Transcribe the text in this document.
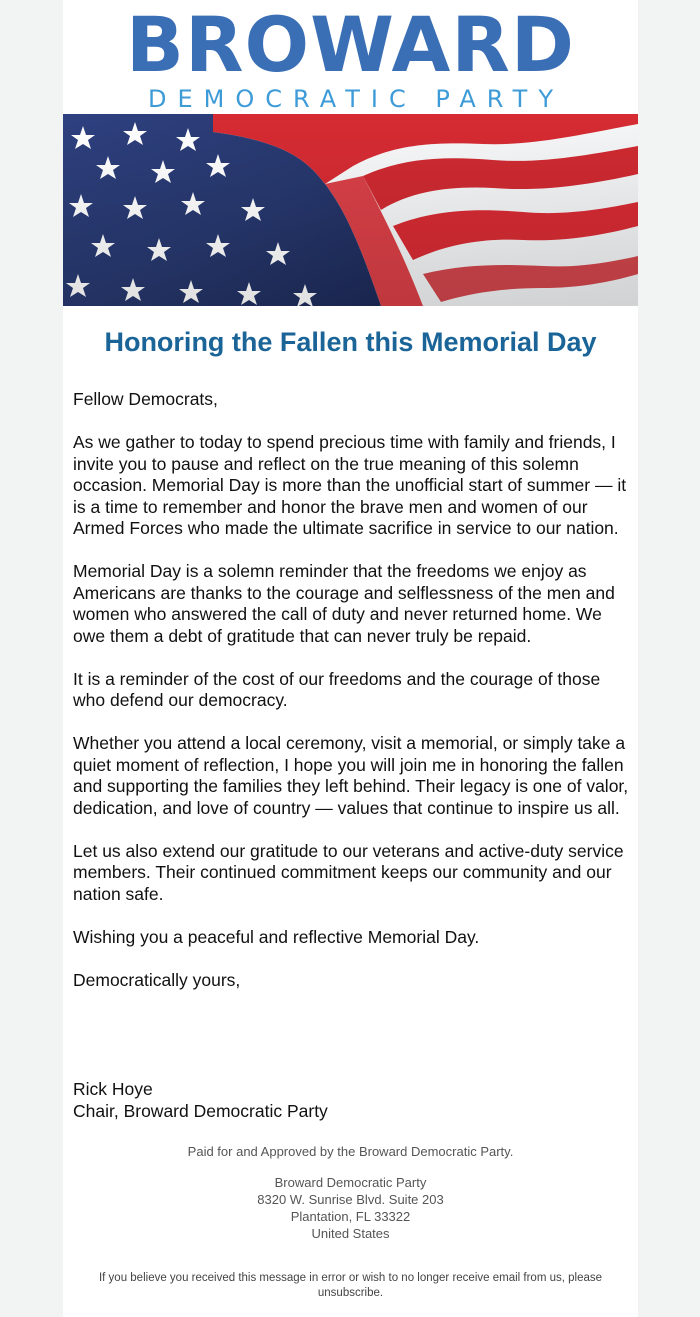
BROWARD
DEMOCRATIC PARTY
Honoring the Fallen this Memorial Day

Fellow Democrats,

As we gather to today to spend precious time with family and friends, I invite you to pause and reflect on the true meaning of this solemn occasion. Memorial Day is more than the unofficial start of summer — it is a time to remember and honor the brave men and women of our Armed Forces who made the ultimate sacrifice in service to our nation.

Memorial Day is a solemn reminder that the freedoms we enjoy as Americans are thanks to the courage and selflessness of the men and women who answered the call of duty and never returned home. We owe them a debt of gratitude that can never truly be repaid.

It is a reminder of the cost of our freedoms and the courage of those who defend our democracy.

Whether you attend a local ceremony, visit a memorial, or simply take a quiet moment of reflection, I hope you will join me in honoring the fallen and supporting the families they left behind. Their legacy is one of valor, dedication, and love of country — values that continue to inspire us all.

Let us also extend our gratitude to our veterans and active-duty service members. Their continued commitment keeps our community and our nation safe.

Wishing you a peaceful and reflective Memorial Day.

Democratically yours,

Rick Hoye
Chair, Broward Democratic Party
Paid for and Approved by the Broward Democratic Party.
Broward Democratic Party
8320 W. Sunrise Blvd. Suite 203
Plantation, FL 33322
United States
If you believe you received this message in error or wish to no longer receive email from us, please unsubscribe.
